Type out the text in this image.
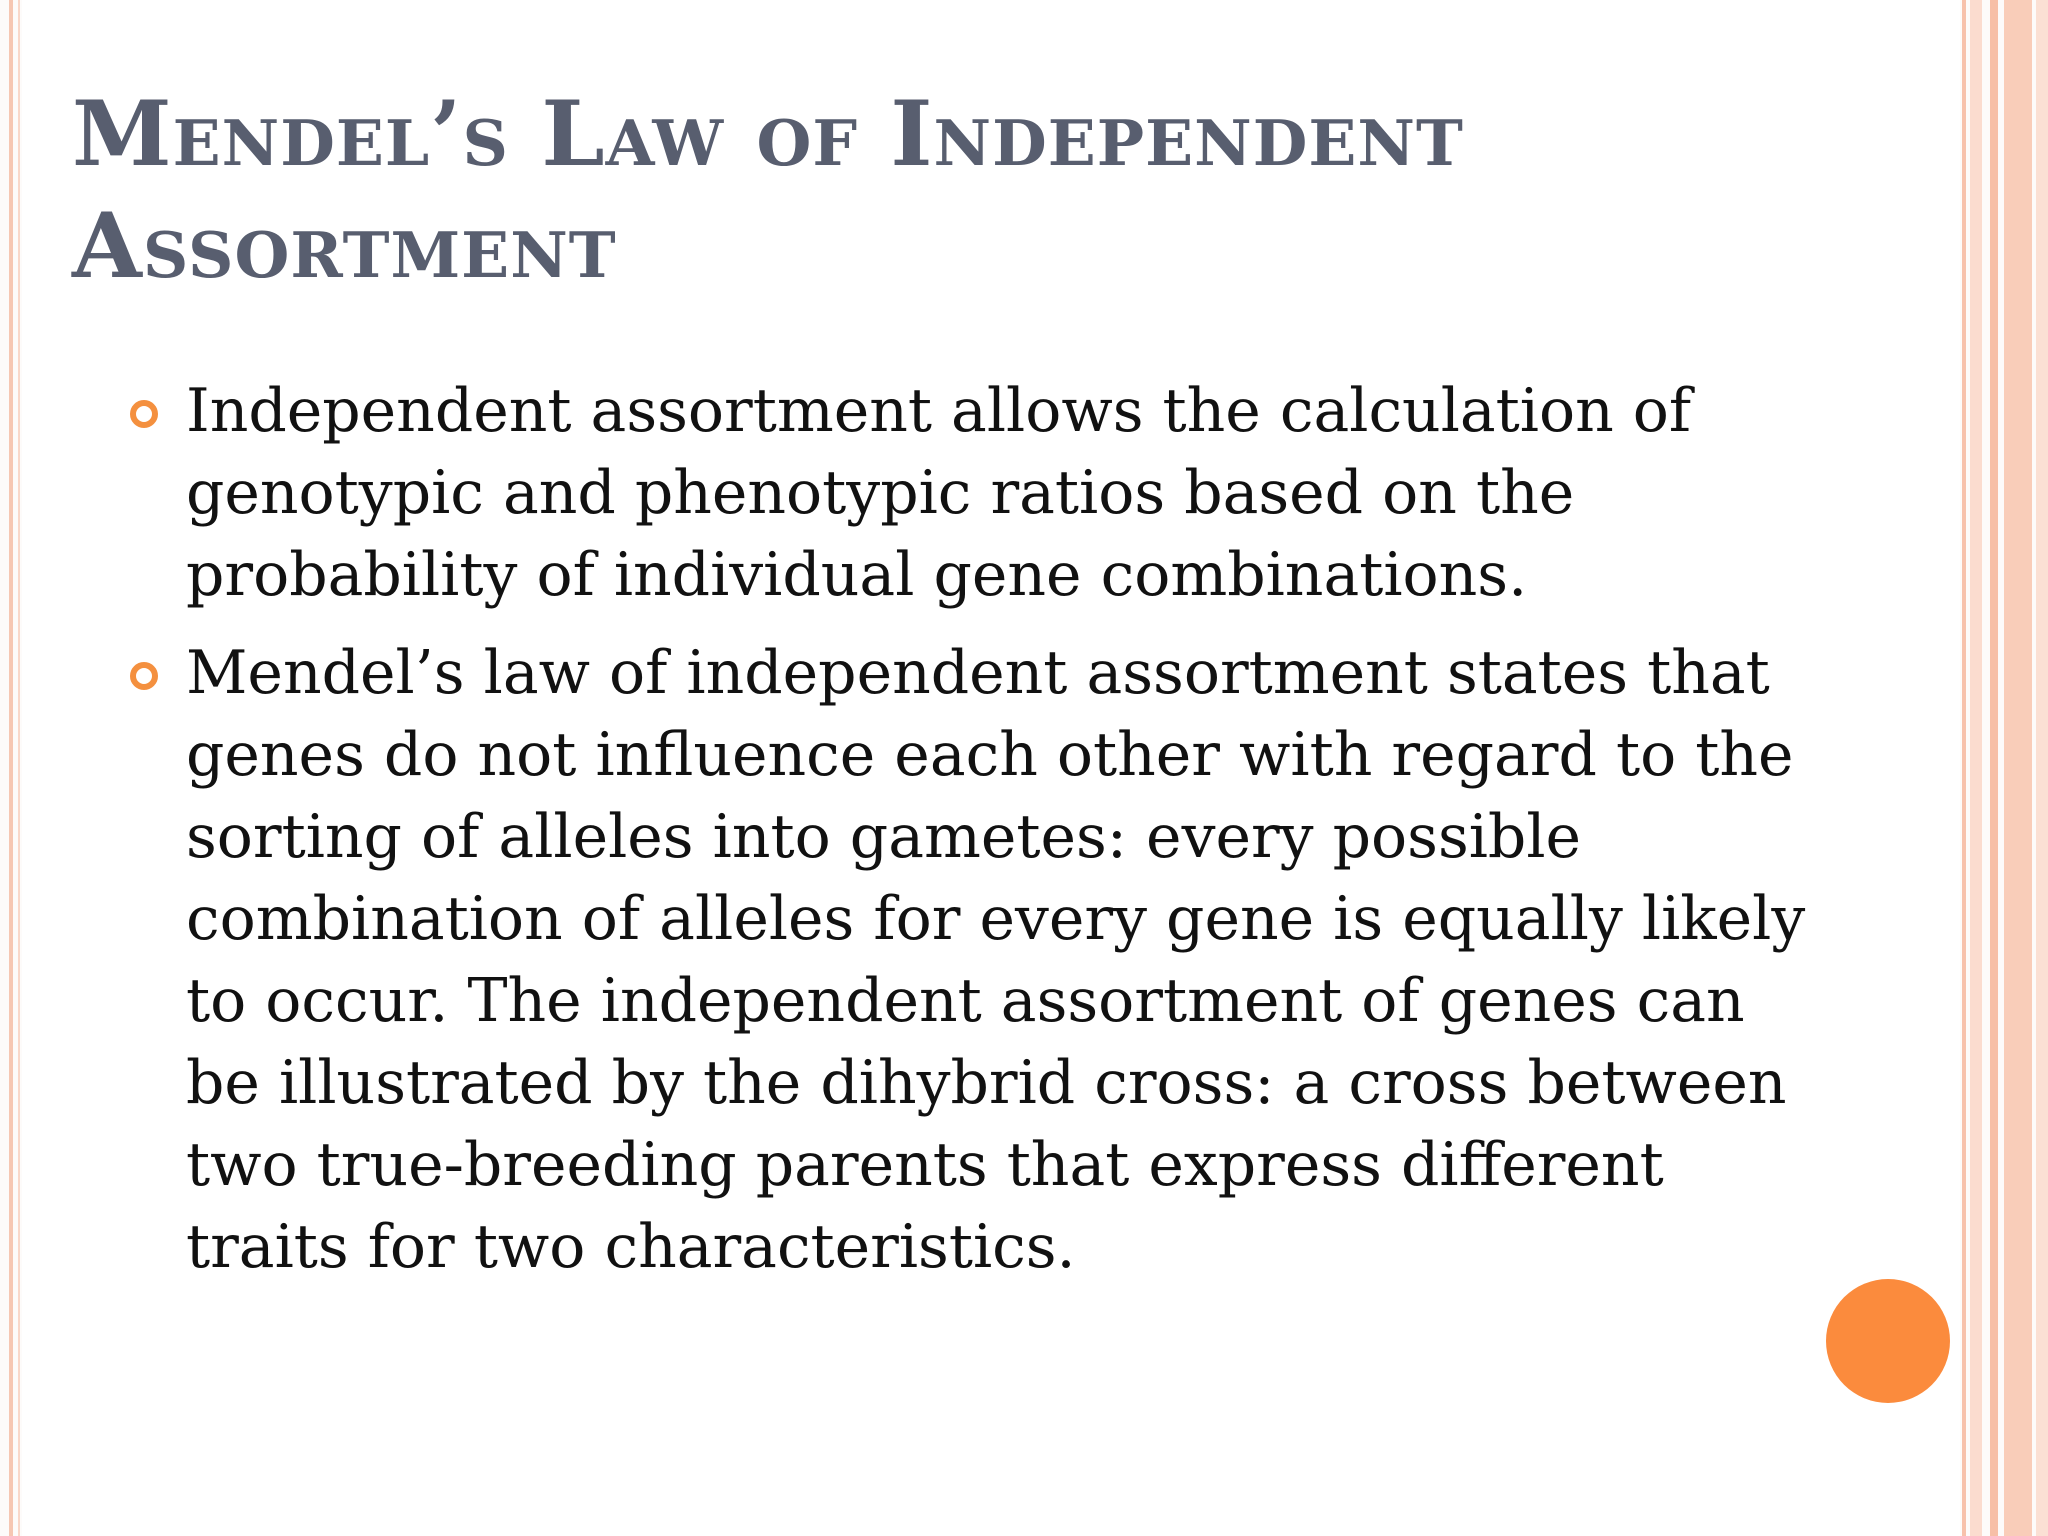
Mendel’s Law of Independent Assortment
Independent assortment allows the calculation of genotypic and phenotypic ratios based on the probability of individual gene combinations.
Mendel’s law of independent assortment states that genes do not influence each other with regard to the sorting of alleles into gametes: every possible combination of alleles for every gene is equally likely to occur. The independent assortment of genes can be illustrated by the dihybrid cross: a cross between two true-breeding parents that express different traits for two characteristics.
